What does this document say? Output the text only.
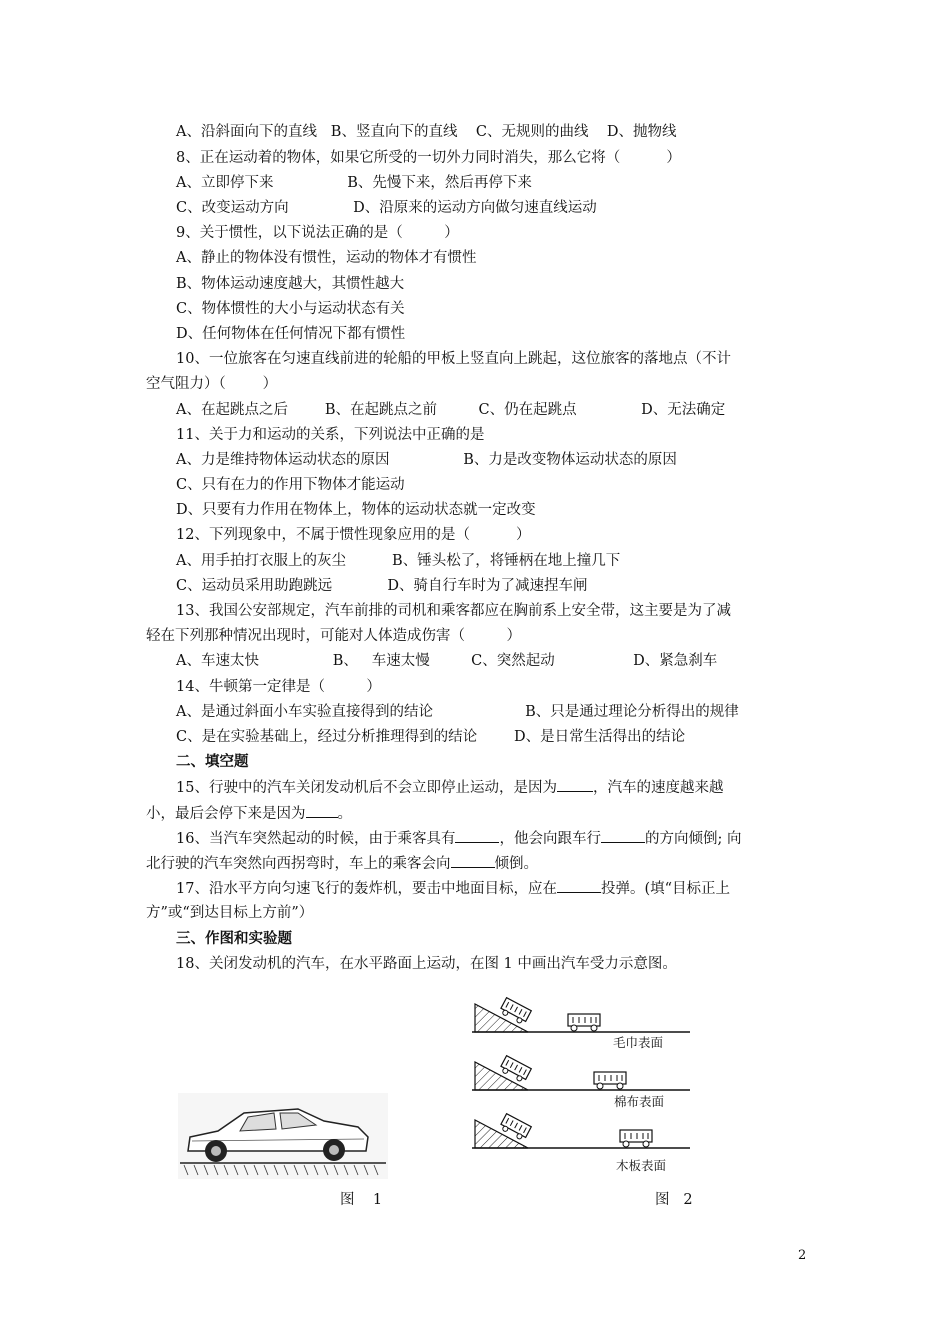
A、沿斜面向下的直线   B、竖直向下的直线    C、无规则的曲线    D、抛物线
8、正在运动着的物体，如果它所受的一切外力同时消失，那么它将（          ）
A、立即停下来                B、先慢下来，然后再停下来
C、改变运动方向              D、沿原来的运动方向做匀速直线运动
9、关于惯性，以下说法正确的是（         ）
A、静止的物体没有惯性，运动的物体才有惯性
B、物体运动速度越大，其惯性越大
C、物体惯性的大小与运动状态有关
D、任何物体在任何情况下都有惯性
10、一位旅客在匀速直线前进的轮船的甲板上竖直向上跳起，这位旅客的落地点（不计
空气阻力）（        ）
A、在起跳点之后        B、在起跳点之前         C、仍在起跳点              D、无法确定
11、关于力和运动的关系，下列说法中正确的是
A、力是维持物体运动状态的原因                B、力是改变物体运动状态的原因
C、只有在力的作用下物体才能运动
D、只要有力作用在物体上，物体的运动状态就一定改变
12、下列现象中，不属于惯性现象应用的是（          ）
A、用手拍打衣服上的灰尘          B、锤头松了，将锤柄在地上撞几下
C、运动员采用助跑跳远            D、骑自行车时为了减速捏车闸
13、我国公安部规定，汽车前排的司机和乘客都应在胸前系上安全带，这主要是为了减
轻在下列那种情况出现时，可能对人体造成伤害（         ）
A、车速太快                B、   车速太慢         C、突然起动                 D、紧急刹车
14、牛顿第一定律是（         ）
A、是通过斜面小车实验直接得到的结论                    B、只是通过理论分析得出的规律
C、是在实验基础上，经过分析推理得到的结论        D、是日常生活得出的结论
二、填空题
15、行驶中的汽车关闭发动机后不会立即停止运动，是因为 ，汽车的速度越来越
小，最后会停下来是因为 。
16、当汽车突然起动的时候，由于乘客具有	，他会向跟车行	的方向倾倒; 向
北行驶的汽车突然向西拐弯时，车上的乘客会向	倾倒。
17、沿水平方向匀速飞行的轰炸机，要击中地面目标，应在	投弹。(填“目标正上
方”或“到达目标上方前”）
三、作图和实验题
18、关闭发动机的汽车，在水平路面上运动，在图 1 中画出汽车受力示意图。
毛巾表面
棉布表面
木板表面
图    1	图   2
2
